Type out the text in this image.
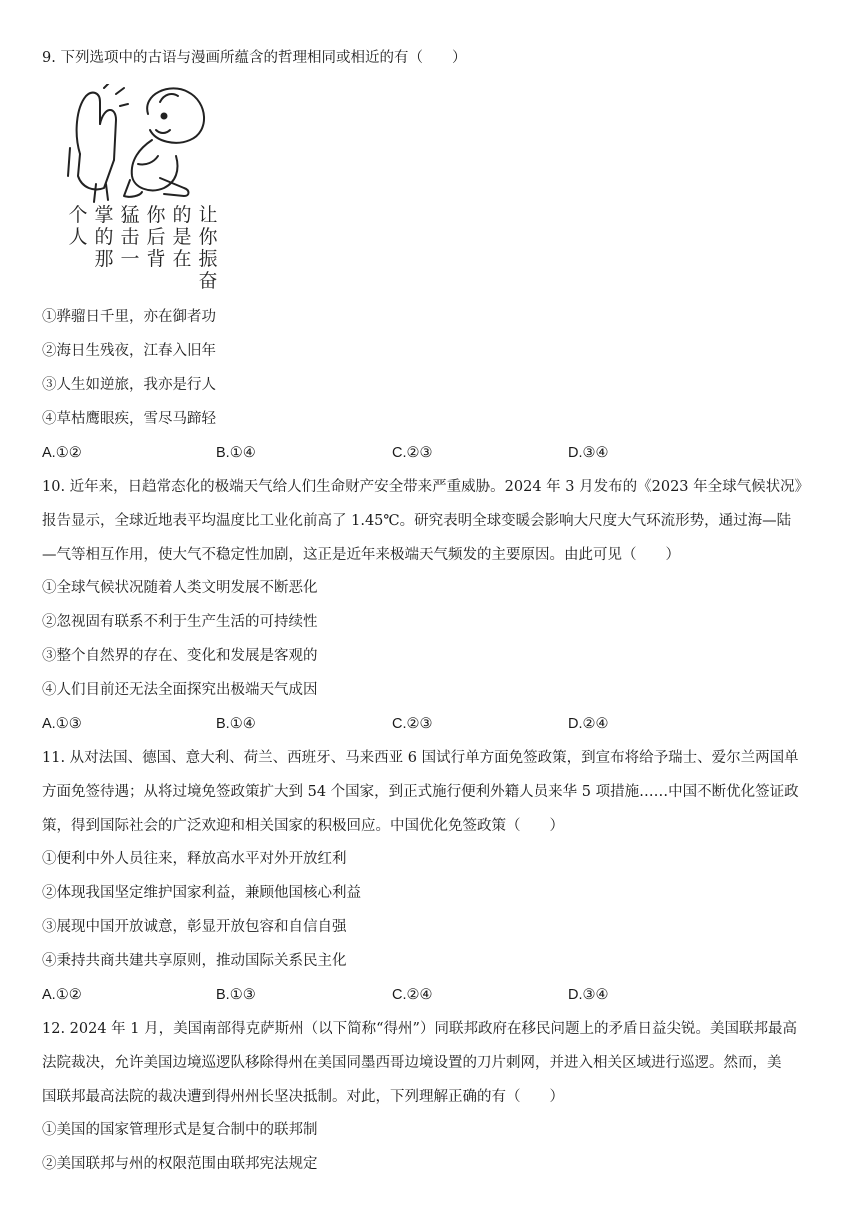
9. 下列选项中的古语与漫画所蕴含的哲理相同或相近的有（　　）
让
你
振
奋
的
是
在
你
后
背
猛
击
一
掌
的
那
个
人
①骅骝日千里，亦在御者功
②海日生残夜，江春入旧年
③人生如逆旅，我亦是行人
④草枯鹰眼疾，雪尽马蹄轻
A.①②	B.①④	C.②③	D.③④
10. 近年来，日趋常态化的极端天气给人们生命财产安全带来严重威胁。2024 年 3 月发布的《2023 年全球气候状况》
报告显示，全球近地表平均温度比工业化前高了 1.45℃。研究表明全球变暖会影响大尺度大气环流形势，通过海—陆
—气等相互作用，使大气不稳定性加剧，这正是近年来极端天气频发的主要原因。由此可见（　　）
①全球气候状况随着人类文明发展不断恶化
②忽视固有联系不利于生产生活的可持续性
③整个自然界的存在、变化和发展是客观的
④人们目前还无法全面探究出极端天气成因
A.①③	B.①④	C.②③	D.②④
11. 从对法国、德国、意大利、荷兰、西班牙、马来西亚 6 国试行单方面免签政策，到宣布将给予瑞士、爱尔兰两国单
方面免签待遇；从将过境免签政策扩大到 54 个国家，到正式施行便利外籍人员来华 5 项措施……中国不断优化签证政
策，得到国际社会的广泛欢迎和相关国家的积极回应。中国优化免签政策（　　）
①便利中外人员往来，释放高水平对外开放红利
②体现我国坚定维护国家利益，兼顾他国核心利益
③展现中国开放诚意，彰显开放包容和自信自强
④秉持共商共建共享原则，推动国际关系民主化
A.①②	B.①③	C.②④	D.③④
12. 2024 年 1 月，美国南部得克萨斯州（以下简称“得州”）同联邦政府在移民问题上的矛盾日益尖锐。美国联邦最高
法院裁决，允许美国边境巡逻队移除得州在美国同墨西哥边境设置的刀片刺网，并进入相关区域进行巡逻。然而，美
国联邦最高法院的裁决遭到得州州长坚决抵制。对此，下列理解正确的有（　　）
①美国的国家管理形式是复合制中的联邦制
②美国联邦与州的权限范围由联邦宪法规定
